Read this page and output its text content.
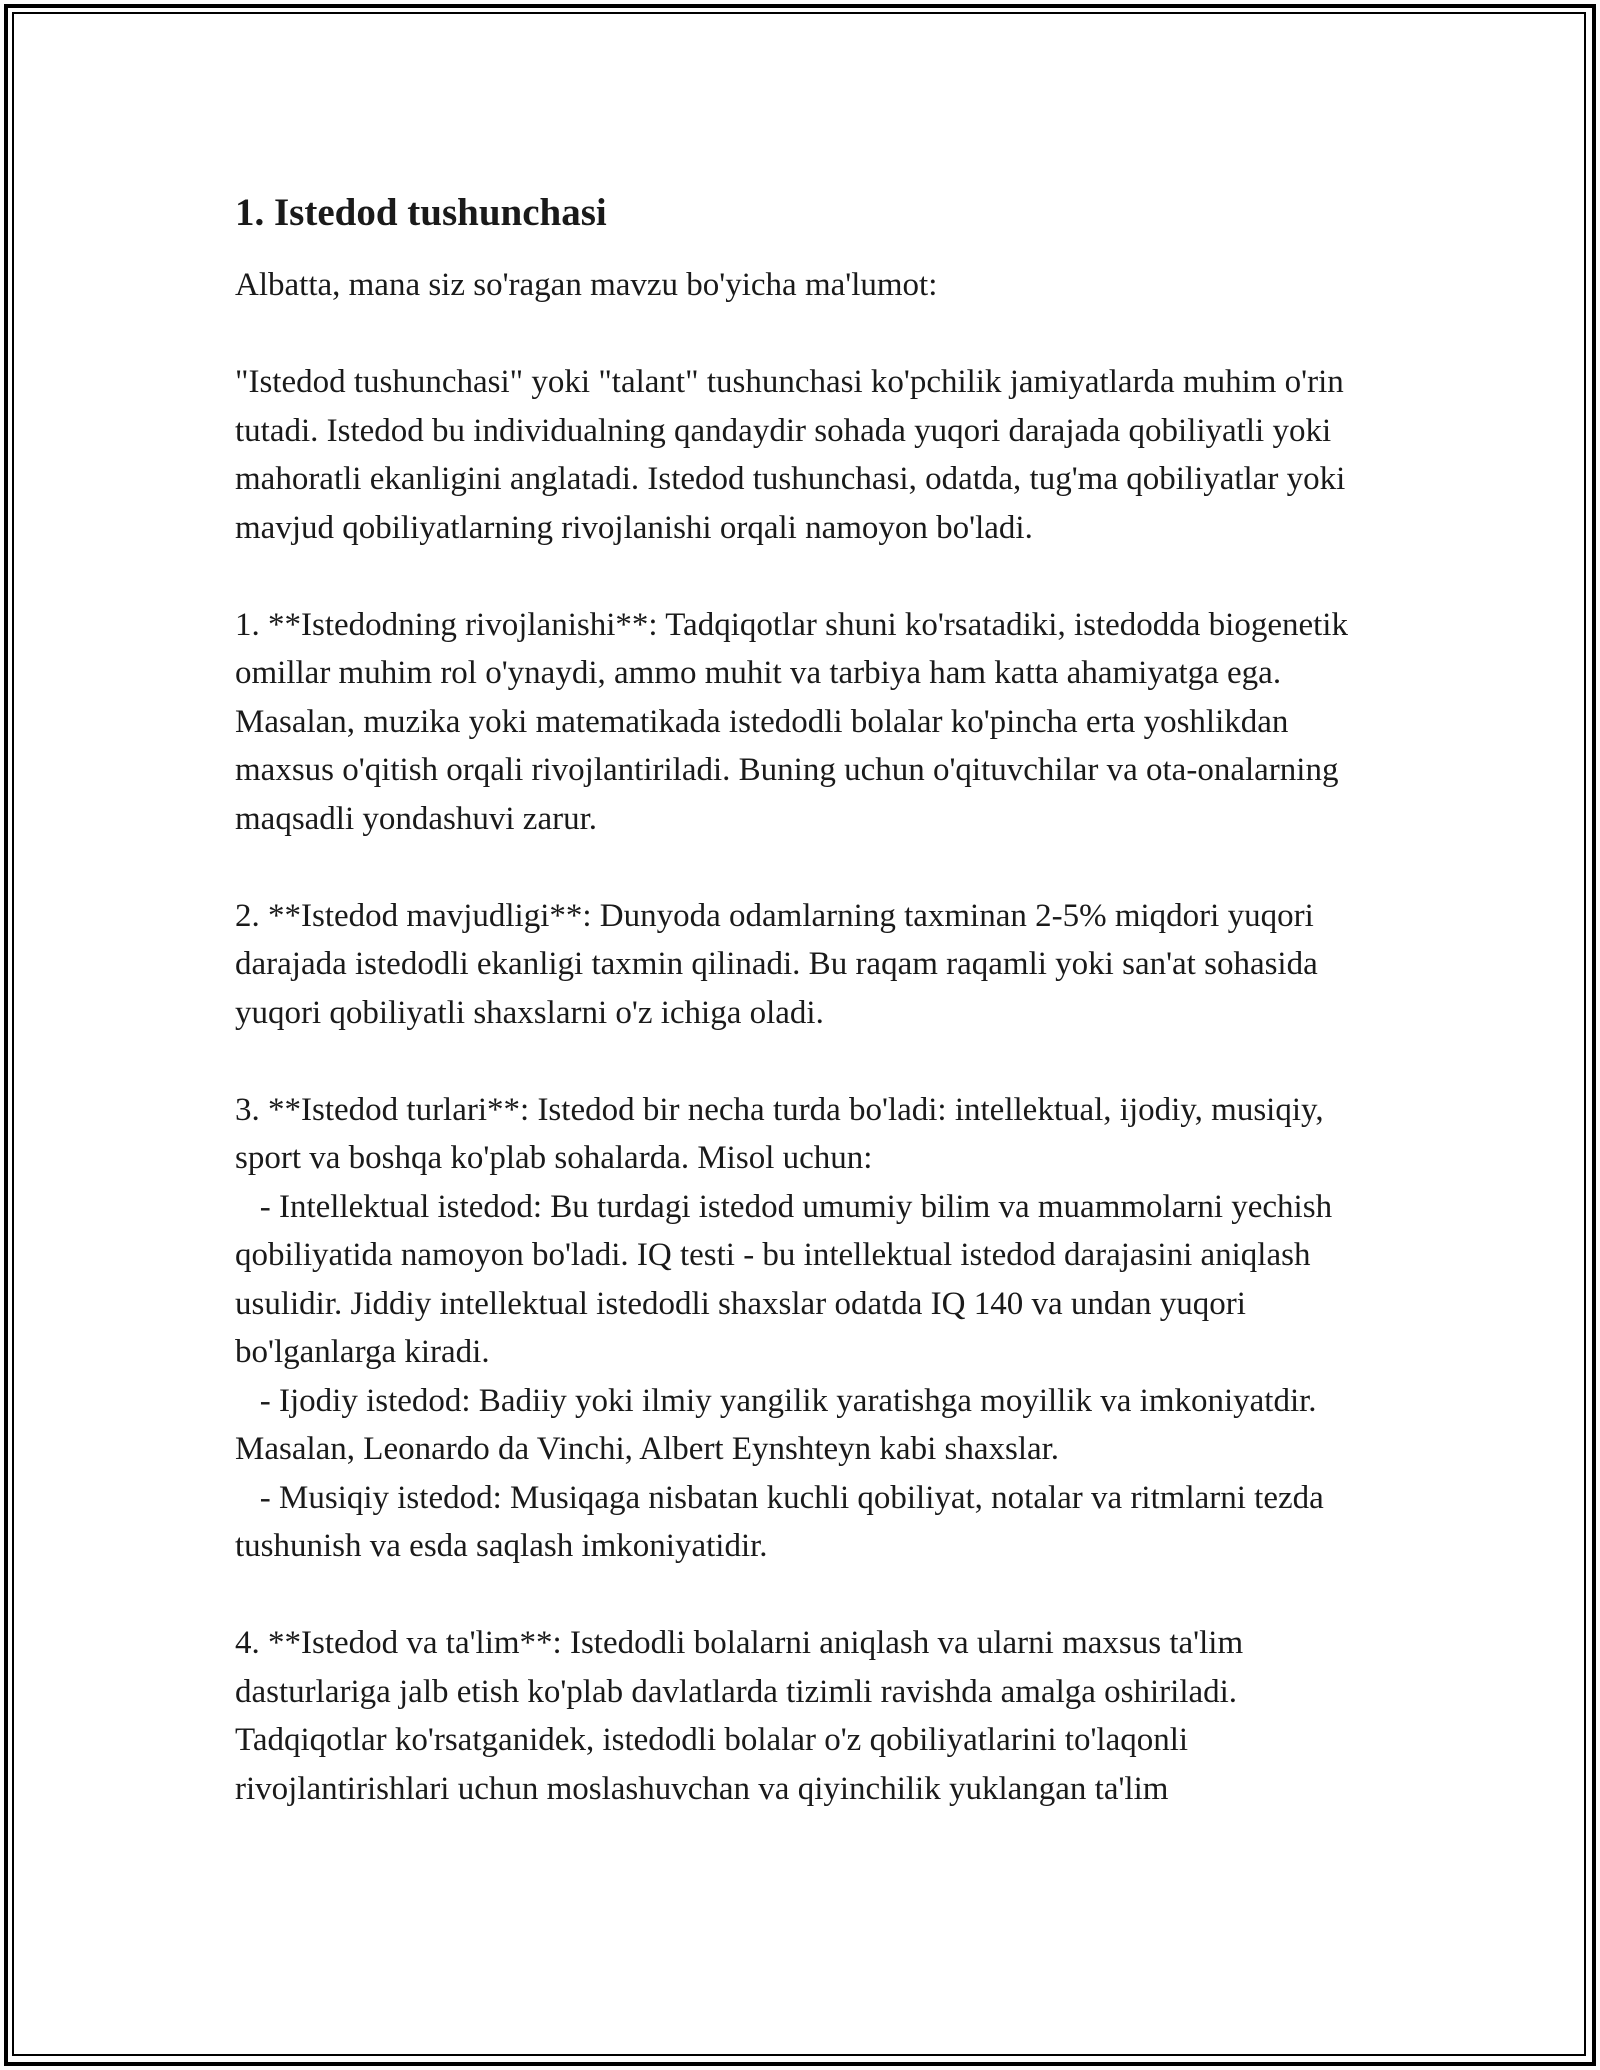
1. Istedod tushunchasi

Albatta, mana siz so'ragan mavzu bo'yicha ma'lumot:

"Istedod tushunchasi" yoki "talant" tushunchasi ko'pchilik jamiyatlarda muhim o'rin tutadi. Istedod bu individualning qandaydir sohada yuqori darajada qobiliyatli yoki mahoratli ekanligini anglatadi. Istedod tushunchasi, odatda, tug'ma qobiliyatlar yoki mavjud qobiliyatlarning rivojlanishi orqali namoyon bo'ladi.

1. **Istedodning rivojlanishi**: Tadqiqotlar shuni ko'rsatadiki, istedodda biogenetik omillar muhim rol o'ynaydi, ammo muhit va tarbiya ham katta ahamiyatga ega. Masalan, muzika yoki matematikada istedodli bolalar ko'pincha erta yoshlikdan maxsus o'qitish orqali rivojlantiriladi. Buning uchun o'qituvchilar va ota-onalarning maqsadli yondashuvi zarur.

2. **Istedod mavjudligi**: Dunyoda odamlarning taxminan 2-5% miqdori yuqori darajada istedodli ekanligi taxmin qilinadi. Bu raqam raqamli yoki san'at sohasida yuqori qobiliyatli shaxslarni o'z ichiga oladi.

3. **Istedod turlari**: Istedod bir necha turda bo'ladi: intellektual, ijodiy, musiqiy, sport va boshqa ko'plab sohalarda. Misol uchun:
- Intellektual istedod: Bu turdagi istedod umumiy bilim va muammolarni yechish qobiliyatida namoyon bo'ladi. IQ testi - bu intellektual istedod darajasini aniqlash usulidir. Jiddiy intellektual istedodli shaxslar odatda IQ 140 va undan yuqori bo'lganlarga kiradi.
- Ijodiy istedod: Badiiy yoki ilmiy yangilik yaratishga moyillik va imkoniyatdir. Masalan, Leonardo da Vinchi, Albert Eynshteyn kabi shaxslar.
- Musiqiy istedod: Musiqaga nisbatan kuchli qobiliyat, notalar va ritmlarni tezda tushunish va esda saqlash imkoniyatidir.

4. **Istedod va ta'lim**: Istedodli bolalarni aniqlash va ularni maxsus ta'lim dasturlariga jalb etish ko'plab davlatlarda tizimli ravishda amalga oshiriladi. Tadqiqotlar ko'rsatganidek, istedodli bolalar o'z qobiliyatlarini to'laqonli rivojlantirishlari uchun moslashuvchan va qiyinchilik yuklangan ta'lim
